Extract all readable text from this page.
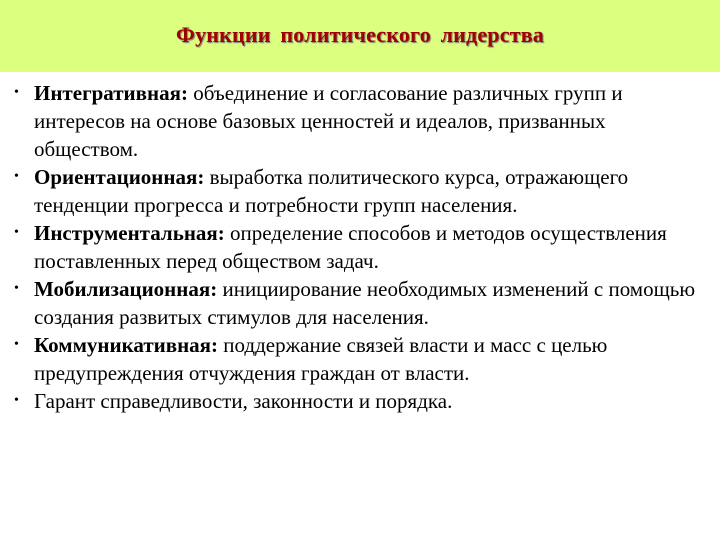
Функции политического лидерства
• Интегративная: объединение и согласование различных групп и интересов на основе базовых ценностей и идеалов, призванных обществом.
• Ориентационная: выработка политического курса, отражающего тенденции прогресса и потребности групп населения.
• Инструментальная: определение способов и методов осуществления поставленных перед обществом задач.
• Мобилизационная: инициирование необходимых изменений с помощью создания развитых стимулов для населения.
• Коммуникативная: поддержание связей власти и масс с целью предупреждения отчуждения граждан от власти.
• Гарант справедливости, законности и порядка.
